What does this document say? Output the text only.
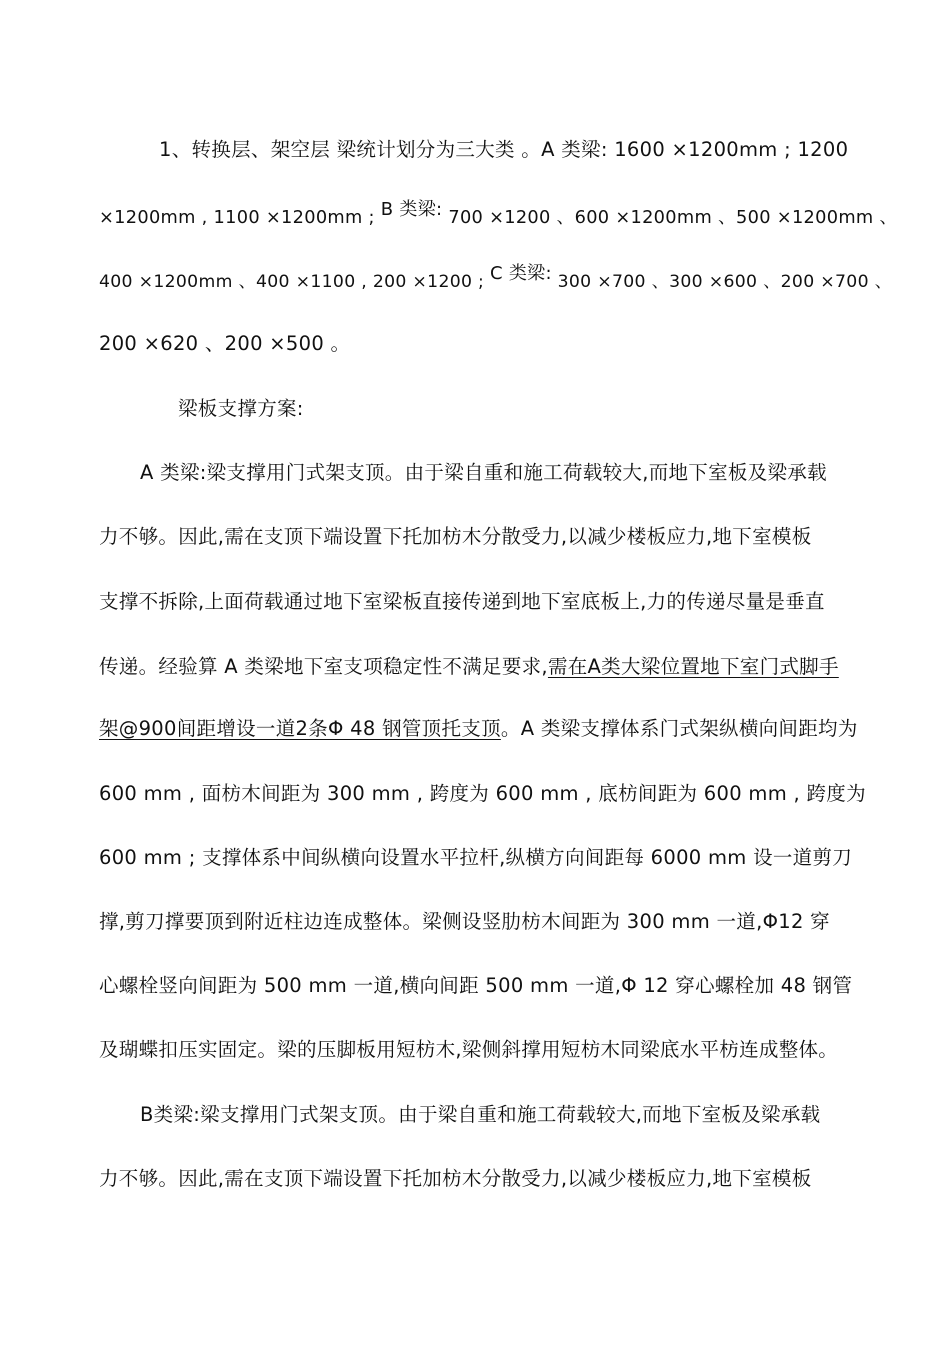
1、转换层、架空层 梁统计划分为三大类 。A 类梁: 1600 ×1200mm ; 1200
×1200mm , 1100 ×1200mm ; B 类梁: 700 ×1200 、600 ×1200mm 、500 ×1200mm 、
400 ×1200mm 、400 ×1100 , 200 ×1200 ; C 类梁: 300 ×700 、300 ×600 、200 ×700 、
200 ×620 、200 ×500 。
梁板支撑方案:
A 类梁:梁支撑用门式架支顶。由于梁自重和施工荷载较大,而地下室板及梁承载
力不够。因此,需在支顶下端设置下托加枋木分散受力,以减少楼板应力,地下室模板
支撑不拆除,上面荷载通过地下室梁板直接传递到地下室底板上,力的传递尽量是垂直
传递。经验算 A 类梁地下室支项稳定性不满足要求,需在A类大梁位置地下室门式脚手
架@900间距增设一道2条Φ 48 钢管顶托支顶。A 类梁支撑体系门式架纵横向间距均为
600 mm , 面枋木间距为 300 mm , 跨度为 600 mm , 底枋间距为 600 mm , 跨度为
600 mm ; 支撑体系中间纵横向设置水平拉杆,纵横方向间距每 6000 mm 设一道剪刀
撑,剪刀撑要顶到附近柱边连成整体。梁侧设竖肋枋木间距为 300 mm 一道,Φ12 穿
心螺栓竖向间距为 500 mm 一道,横向间距 500 mm 一道,Φ 12 穿心螺栓加 48 钢管
及瑚蝶扣压实固定。梁的压脚板用短枋木,梁侧斜撑用短枋木同梁底水平枋连成整体。
B类梁:梁支撑用门式架支顶。由于梁自重和施工荷载较大,而地下室板及梁承载
力不够。因此,需在支顶下端设置下托加枋木分散受力,以减少楼板应力,地下室模板
